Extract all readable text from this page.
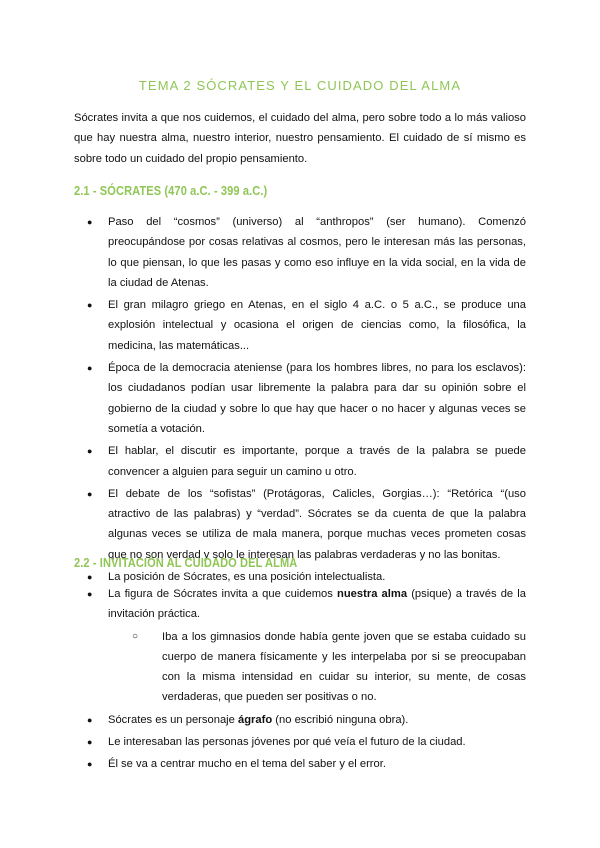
TEMA 2 SÓCRATES Y EL CUIDADO DEL ALMA

Sócrates invita a que nos cuidemos, el cuidado del alma, pero sobre todo a lo más valioso que hay nuestra alma, nuestro interior, nuestro pensamiento. El cuidado de sí mismo es sobre todo un cuidado del propio pensamiento.

2.1 - SÓCRATES (470 a.C. - 399 a.C.)
● Paso del “cosmos” (universo) al “anthropos” (ser humano). Comenzó preocupándose por cosas relativas al cosmos, pero le interesan más las personas, lo que piensan, lo que les pasas y como eso influye en la vida social, en la vida de la ciudad de Atenas.
● El gran milagro griego en Atenas, en el siglo 4 a.C. o 5 a.C., se produce una explosión intelectual y ocasiona el origen de ciencias como, la filosófica, la medicina, las matemáticas...
● Época de la democracia ateniense (para los hombres libres, no para los esclavos): los ciudadanos podían usar libremente la palabra para dar su opinión sobre el gobierno de la ciudad y sobre lo que hay que hacer o no hacer y algunas veces se sometía a votación.
● El hablar, el discutir es importante, porque a través de la palabra se puede convencer a alguien para seguir un camino u otro.
● El debate de los “sofistas” (Protágoras, Calicles, Gorgias…): “Retórica “(uso atractivo de las palabras) y “verdad”. Sócrates se da cuenta de que la palabra algunas veces se utiliza de mala manera, porque muchas veces prometen cosas que no son verdad y solo le interesan las palabras verdaderas y no las bonitas.
● La posición de Sócrates, es una posición intelectualista.
2.2 - INVITACIÓN AL CUIDADO DEL ALMA
● La figura de Sócrates invita a que cuidemos nuestra alma (psique) a través de la invitación práctica.
○ Iba a los gimnasios donde había gente joven que se estaba cuidado su cuerpo de manera físicamente y les interpelaba por si se preocupaban con la misma intensidad en cuidar su interior, su mente, de cosas verdaderas, que pueden ser positivas o no.
● Sócrates es un personaje ágrafo (no escribió ninguna obra).
● Le interesaban las personas jóvenes por qué veía el futuro de la ciudad.
● Él se va a centrar mucho en el tema del saber y el error.
